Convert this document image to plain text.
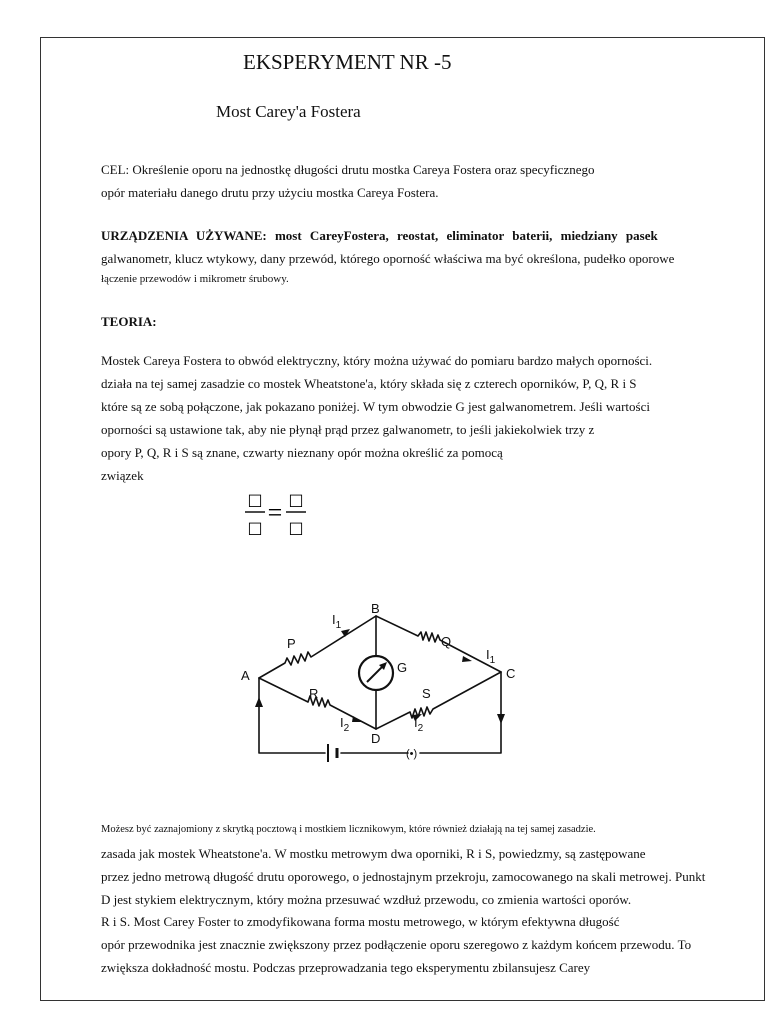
EKSPERYMENT NR -5
Most Carey'a Fostera
CEL: Określenie oporu na jednostkę długości drutu mostka Careya Fostera oraz specyficznego
opór materiału danego drutu przy użyciu mostka Careya Fostera.
URZĄDZENIA UŻYWANE: most CareyFostera, reostat, eliminator baterii, miedziany pasek
galwanometr, klucz wtykowy, dany przewód, którego oporność właściwa ma być określona, pudełko oporowe
łączenie przewodów i mikrometr śrubowy.
TEORIA:
Mostek Careya Fostera to obwód elektryczny, który można używać do pomiaru bardzo małych oporności.
działa na tej samej zasadzie co mostek Wheatstone'a, który składa się z czterech oporników, P, Q, R i S
które są ze sobą połączone, jak pokazano poniżej. W tym obwodzie G jest galwanometrem. Jeśli wartości
oporności są ustawione tak, aby nie płynął prąd przez galwanometr, to jeśli jakiekolwiek trzy z
opory P, Q, R i S są znane, czwarty nieznany opór można określić za pomocą
związek
□
□
= □
□
B
A	C
D
G
P	Q
R	S
$I_1$
$I_1$
$I_2$	$I_2$
(•)
Możesz być zaznajomiony z skrytką pocztową i mostkiem licznikowym, które również działają na tej samej zasadzie.
zasada jak mostek Wheatstone'a. W mostku metrowym dwa oporniki, R i S, powiedzmy, są zastępowane
przez jedno metrową długość drutu oporowego, o jednostajnym przekroju, zamocowanego na skali metrowej. Punkt
D jest stykiem elektrycznym, który można przesuwać wzdłuż przewodu, co zmienia wartości oporów.
R i S. Most Carey Foster to zmodyfikowana forma mostu metrowego, w którym efektywna długość
opór przewodnika jest znacznie zwiększony przez podłączenie oporu szeregowo z każdym końcem przewodu. To
zwiększa dokładność mostu. Podczas przeprowadzania tego eksperymentu zbilansujesz Carey
